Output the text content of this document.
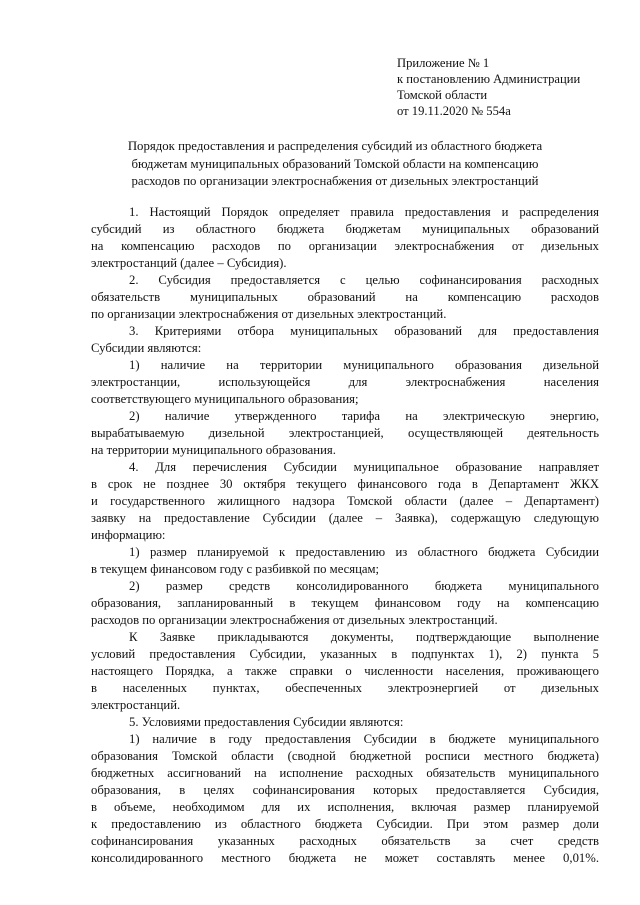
Приложение № 1
к постановлению Администрации
Томской области
от 19.11.2020 № 554а
Порядок предоставления и распределения субсидий из областного бюджета
бюджетам муниципальных образований Томской области на компенсацию
расходов по организации электроснабжения от дизельных электростанций
1. Настоящий Порядок определяет правила предоставления и распределения
субсидий из областного бюджета бюджетам муниципальных образований
на компенсацию расходов по организации электроснабжения от дизельных
электростанций (далее – Субсидия).
2. Субсидия предоставляется с целью софинансирования расходных
обязательств муниципальных образований на компенсацию расходов
по организации электроснабжения от дизельных электростанций.
3. Критериями отбора муниципальных образований для предоставления
Субсидии являются:
1) наличие на территории муниципального образования дизельной
электростанции, использующейся для электроснабжения населения
соответствующего муниципального образования;
2) наличие утвержденного тарифа на электрическую энергию,
вырабатываемую дизельной электростанцией, осуществляющей деятельность
на территории муниципального образования.
4. Для перечисления Субсидии муниципальное образование направляет
в срок не позднее 30 октября текущего финансового года в Департамент ЖКХ
и государственного жилищного надзора Томской области (далее – Департамент)
заявку на предоставление Субсидии (далее – Заявка), содержащую следующую
информацию:
1) размер планируемой к предоставлению из областного бюджета Субсидии
в текущем финансовом году с разбивкой по месяцам;
2) размер средств консолидированного бюджета муниципального
образования, запланированный в текущем финансовом году на компенсацию
расходов по организации электроснабжения от дизельных электростанций.
К Заявке прикладываются документы, подтверждающие выполнение
условий предоставления Субсидии, указанных в подпунктах 1), 2) пункта 5
настоящего Порядка, а также справки о численности населения, проживающего
в населенных пунктах, обеспеченных электроэнергией от дизельных
электростанций.
5. Условиями предоставления Субсидии являются:
1) наличие в году предоставления Субсидии в бюджете муниципального
образования Томской области (сводной бюджетной росписи местного бюджета)
бюджетных ассигнований на исполнение расходных обязательств муниципального
образования, в целях софинансирования которых предоставляется Субсидия,
в объеме, необходимом для их исполнения, включая размер планируемой
к предоставлению из областного бюджета Субсидии. При этом размер доли
софинансирования указанных расходных обязательств за счет средств
консолидированного местного бюджета не может составлять менее 0,01%.
